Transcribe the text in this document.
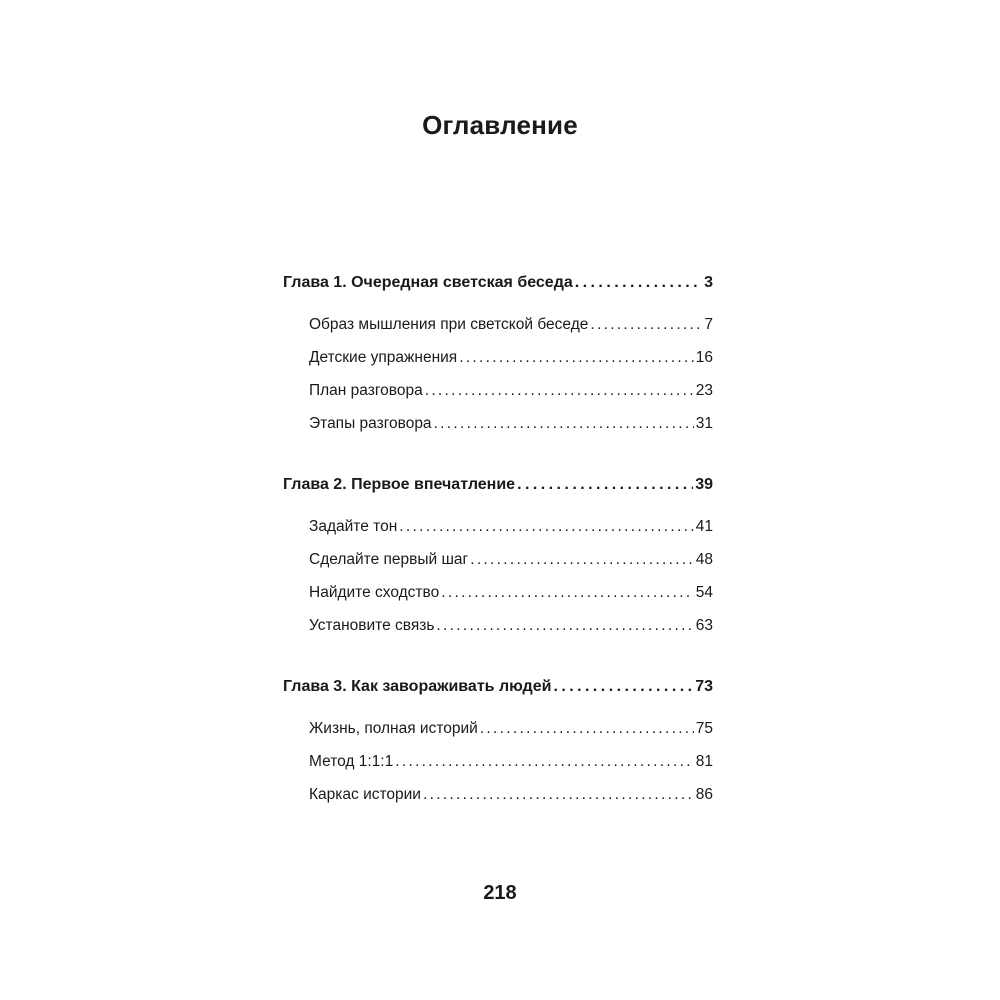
Оглавление
Глава 1. Очередная светская беседа . . .	3
Образ мышления при светской беседе . . .	7
Детские упражнения . . .	16
План разговора . . .	23
Этапы разговора . . .	31
Глава 2. Первое впечатление . . .	39
Задайте тон . . .	41
Сделайте первый шаг . . .	48
Найдите сходство . . .	54
Установите связь . . .	63
Глава 3. Как завораживать людей . . .	73
Жизнь, полная историй . . .	75
Метод 1:1:1 . . .	81
Каркас истории . . .	86
218
